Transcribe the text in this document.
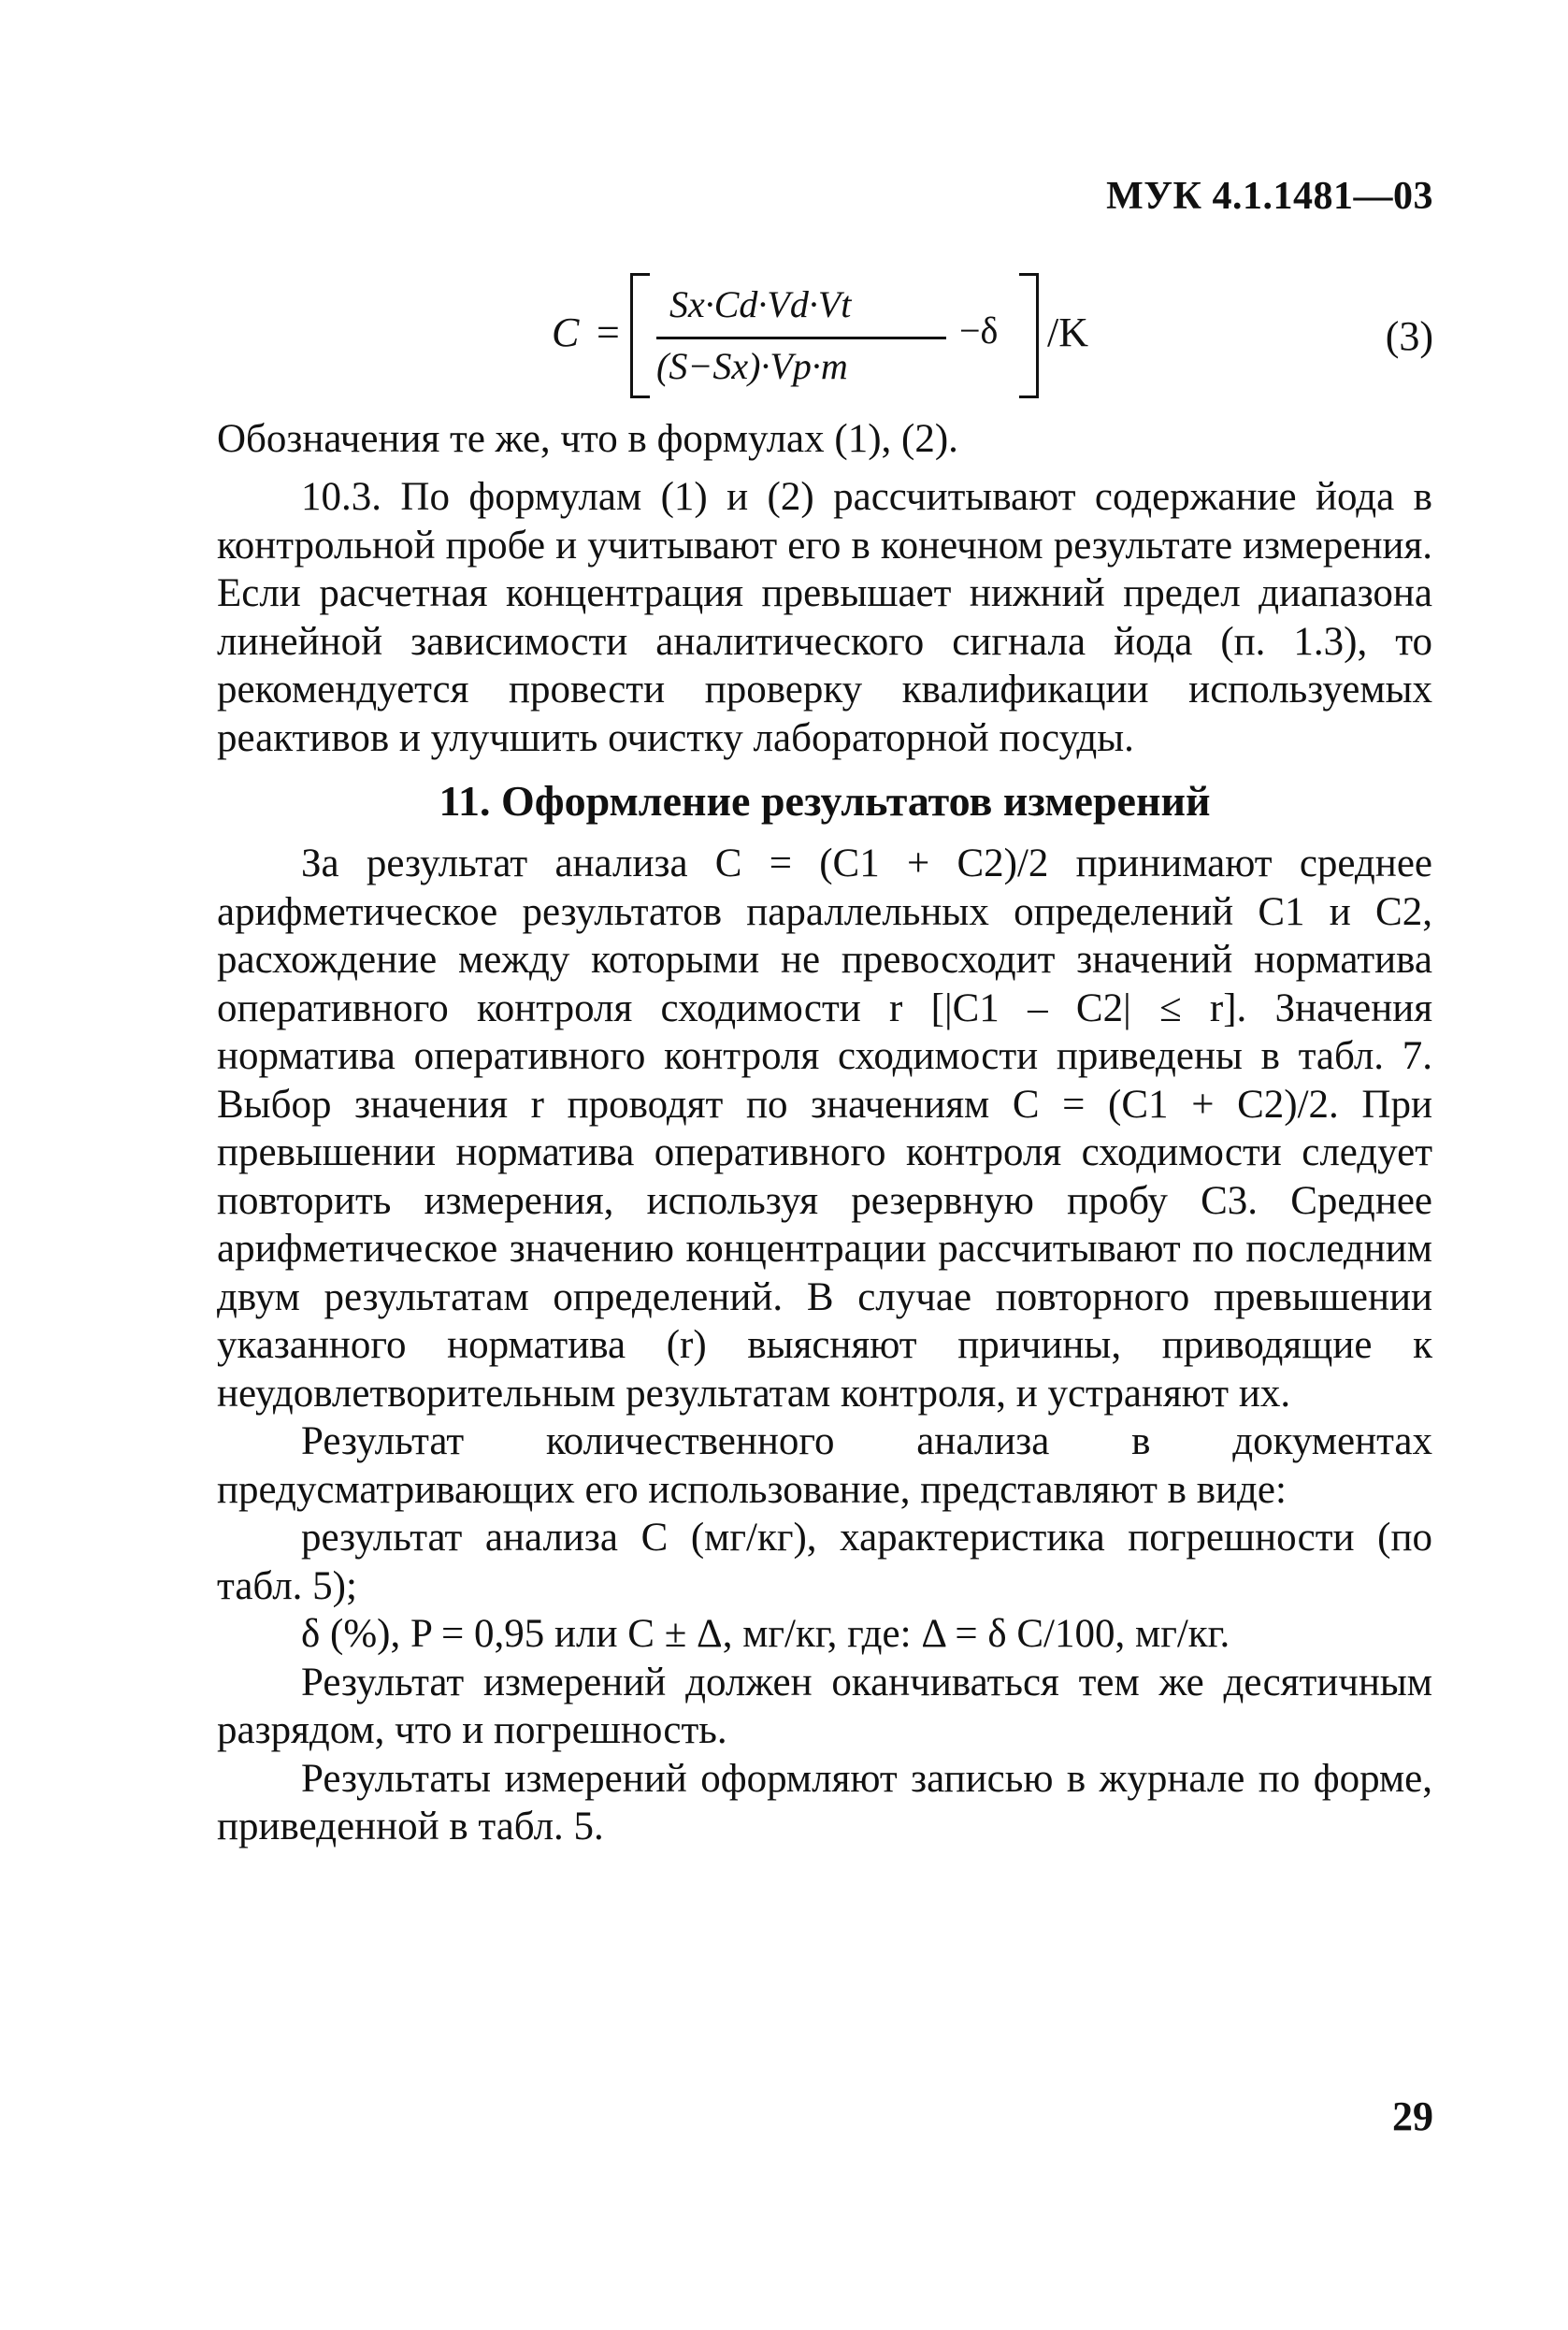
МУК 4.1.1481—03
C =
Sx·Cd·Vd·Vt
(S−Sx)·Vp·m
−δ /K	(3)

Обозначения те же, что в формулах (1), (2).

10.3. По формулам (1) и (2) рассчитывают содержание йода в контрольной пробе и учитывают его в конечном результате измерения. Если расчетная концентрация превышает нижний предел диапазона линейной зависимости аналитического сигнала йода (п. 1.3), то рекомендуется провести проверку квалификации используемых реактивов и улучшить очистку лабораторной посуды.

11. Оформление результатов измерений

За результат анализа C = (C1 + C2)/2 принимают среднее арифметическое результатов параллельных определений C1 и C2, расхождение между которыми не превосходит значений норматива оперативного контроля сходимости r [|C1 – C2| ≤ r]. Значения норматива оперативного контроля сходимости приведены в табл. 7. Выбор значения r проводят по значениям C = (C1 + C2)/2. При превышении норматива оперативного контроля сходимости следует повторить измерения, используя резервную пробу C3. Среднее арифметическое значению концентрации рассчитывают по последним двум результатам определений. В случае повторного превышении указанного норматива (r) выясняют причины, приводящие к неудовлетворительным результатам контроля, и устраняют их.

Результат количественного анализа в документах предусматривающих его использование, представляют в виде:

результат анализа C (мг/кг), характеристика погрешности (по табл. 5);

δ (%), P = 0,95 или C ± Δ, мг/кг, где: Δ = δ C/100, мг/кг.

Результат измерений должен оканчиваться тем же десятичным разрядом, что и погрешность.

Результаты измерений оформляют записью в журнале по форме, приведенной в табл. 5.

29
